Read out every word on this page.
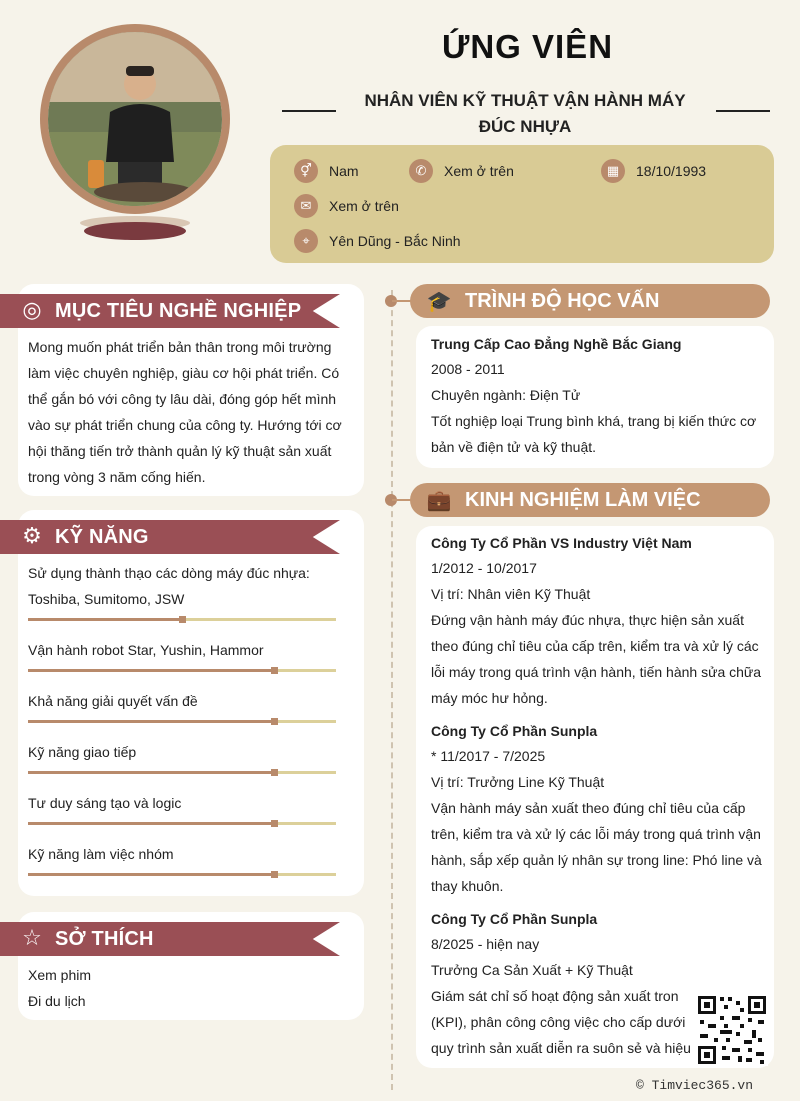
ỨNG VIÊN
NHÂN VIÊN KỸ THUẬT VẬN HÀNH MÁY
ĐÚC NHỰA
⚥	Nam	✆	Xem ở trên	▦	18/10/1993
✉	Xem ở trên
⌖	Yên Dũng - Bắc Ninh
◎ MỤC TIÊU NGHỀ NGHIỆP
Mong muốn phát triển bản thân trong môi trường
làm việc chuyên nghiệp, giàu cơ hội phát triển. Có
thể gắn bó với công ty lâu dài, đóng góp hết mình
vào sự phát triển chung của công ty. Hướng tới cơ
hội thăng tiến trở thành quản lý kỹ thuật sản xuất
trong vòng 3 năm cống hiến.
⚙ KỸ NĂNG
Sử dụng thành thạo các dòng máy đúc nhựa:
Toshiba, Sumitomo, JSW
Vận hành robot Star, Yushin, Hammor
Khả năng giải quyết vấn đề
Kỹ năng giao tiếp
Tư duy sáng tạo và logic
Kỹ năng làm việc nhóm
☆ SỞ THÍCH
Xem phim
Đi du lịch
🎓 TRÌNH ĐỘ HỌC VẤN
Trung Cấp Cao Đẳng Nghề Bắc Giang
2008 - 2011
Chuyên ngành: Điện Tử
Tốt nghiệp loại Trung bình khá, trang bị kiến thức cơ
bản về điện tử và kỹ thuật.
💼 KINH NGHIỆM LÀM VIỆC
Công Ty Cổ Phần VS Industry Việt Nam
1/2012 - 10/2017
Vị trí: Nhân viên Kỹ Thuật
Đứng vận hành máy đúc nhựa, thực hiện sản xuất
theo đúng chỉ tiêu của cấp trên, kiểm tra và xử lý các
lỗi máy trong quá trình vận hành, tiến hành sửa chữa
máy móc hư hỏng.
Công Ty Cổ Phần Sunpla
* 11/2017 - 7/2025
Vị trí: Trưởng Line Kỹ Thuật
Vận hành máy sản xuất theo đúng chỉ tiêu của cấp
trên, kiểm tra và xử lý các lỗi máy trong quá trình vận
hành, sắp xếp quản lý nhân sự trong line: Phó line và
thay khuôn.
Công Ty Cổ Phần Sunpla
8/2025 - hiện nay
Trưởng Ca Sản Xuất + Kỹ Thuật
Giám sát chỉ số hoạt động sản xuất tron
(KPI), phân công công việc cho cấp dưới
quy trình sản xuất diễn ra suôn sẻ và hiệu
© Timviec365.vn
